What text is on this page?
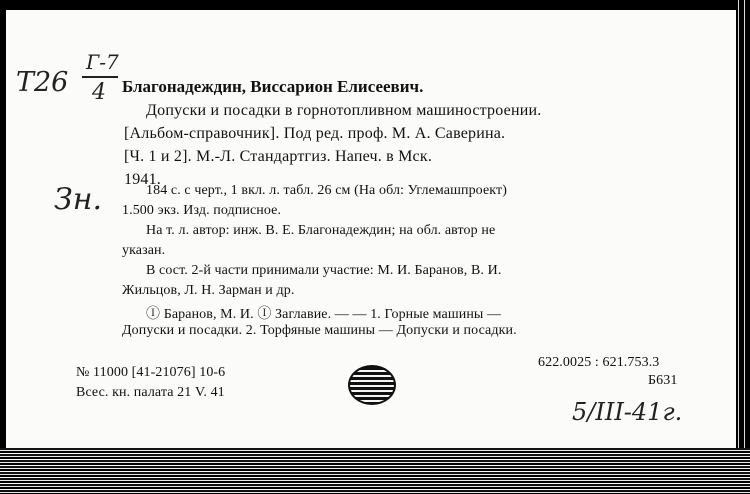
Т26
Г-7
4
Зн.
Благонадеждин, Виссарион Елисеевич.
Допуски и посадки в горнотопливном машиностроении.
[Альбом-справочник]. Под ред. проф. М. А. Саверина.
[Ч. 1 и 2]. М.-Л. Стандартгиз. Напеч. в Мск.
1941.
184 с. с черт., 1 вкл. л. табл. 26 см (На обл: Углемашпроект)
1.500 экз. Изд. подписное.
На т. л. автор: инж. В. Е. Благонадеждин; на обл. автор не
указан.
В сост. 2-й части принимали участие: М. И. Баранов, В. И.
Жильцов, Л. Н. Зарман и др.
Ⓘ Баранов, М. И. Ⓘ Заглавие. — — 1. Горные машины —
Допуски и посадки. 2. Торфяные машины — Допуски и посадки.
№ 11000 [41-21076] 10-6
Всес. кн. палата 21 V. 41
622.0025 : 621.753.3
Б631
5/III-41г.
